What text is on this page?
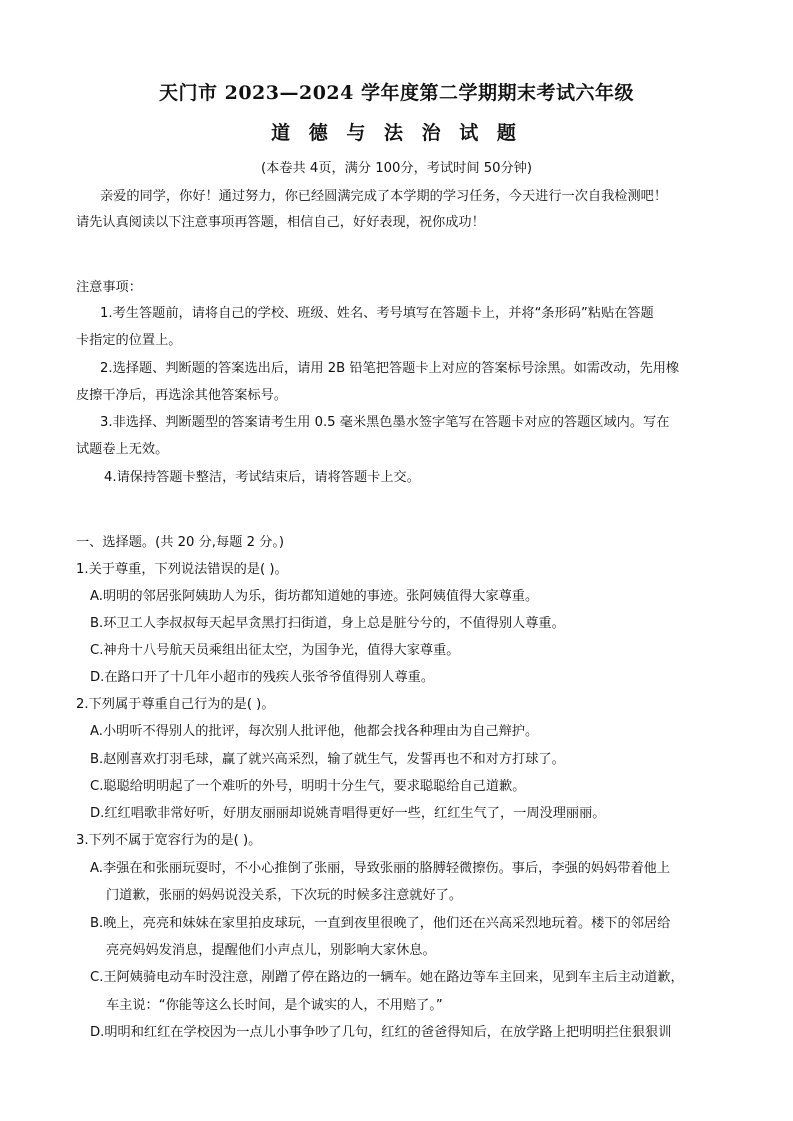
天门市 2023—2024 学年度第二学期期末考试六年级
道 德 与 法 治 试 题
(本卷共 4页，满分 100分，考试时间 50分钟)
亲爱的同学，你好！通过努力，你已经圆满完成了本学期的学习任务，今天进行一次自我检测吧！
请先认真阅读以下注意事项再答题，相信自己，好好表现，祝你成功！
注意事项：
1.考生答题前，请将自己的学校、班级、姓名、考号填写在答题卡上，并将“条形码”粘贴在答题
卡指定的位置上。
2.选择题、判断题的答案选出后，请用 2B 铅笔把答题卡上对应的答案标号涂黑。如需改动，先用橡
皮擦干净后，再选涂其他答案标号。
3.非选择、判断题型的答案请考生用 0.5 毫米黑色墨水签字笔写在答题卡对应的答题区域内。写在
试题卷上无效。
4.请保持答题卡整洁，考试结束后，请将答题卡上交。
一、选择题。(共 20 分,每题 2 分。)
1.关于尊重，下列说法错误的是( )。
A.明明的邻居张阿姨助人为乐，街坊都知道她的事迹。张阿姨值得大家尊重。
B.环卫工人李叔叔每天起早贪黑打扫街道，身上总是脏兮兮的，不值得别人尊重。
C.神舟十八号航天员乘组出征太空，为国争光，值得大家尊重。
D.在路口开了十几年小超市的残疾人张爷爷值得别人尊重。
2.下列属于尊重自己行为的是( )。
A.小明听不得别人的批评，每次别人批评他，他都会找各种理由为自己辩护。
B.赵刚喜欢打羽毛球，赢了就兴高采烈，输了就生气，发誓再也不和对方打球了。
C.聪聪给明明起了一个难听的外号，明明十分生气，要求聪聪给自己道歉。
D.红红唱歌非常好听，好朋友丽丽却说姚青唱得更好一些，红红生气了，一周没理丽丽。
3.下列不属于宽容行为的是( )。
A.李强在和张丽玩耍时，不小心推倒了张丽，导致张丽的胳膊轻微擦伤。事后，李强的妈妈带着他上
门道歉，张丽的妈妈说没关系，下次玩的时候多注意就好了。
B.晚上，亮亮和妹妹在家里拍皮球玩，一直到夜里很晚了，他们还在兴高采烈地玩着。楼下的邻居给
亮亮妈妈发消息，提醒他们小声点儿，别影响大家休息。
C.王阿姨骑电动车时没注意，剐蹭了停在路边的一辆车。她在路边等车主回来，见到车主后主动道歉，
车主说：“你能等这么长时间，是个诚实的人，不用赔了。”
D.明明和红红在学校因为一点儿小事争吵了几句，红红的爸爸得知后，在放学路上把明明拦住狠狠训
